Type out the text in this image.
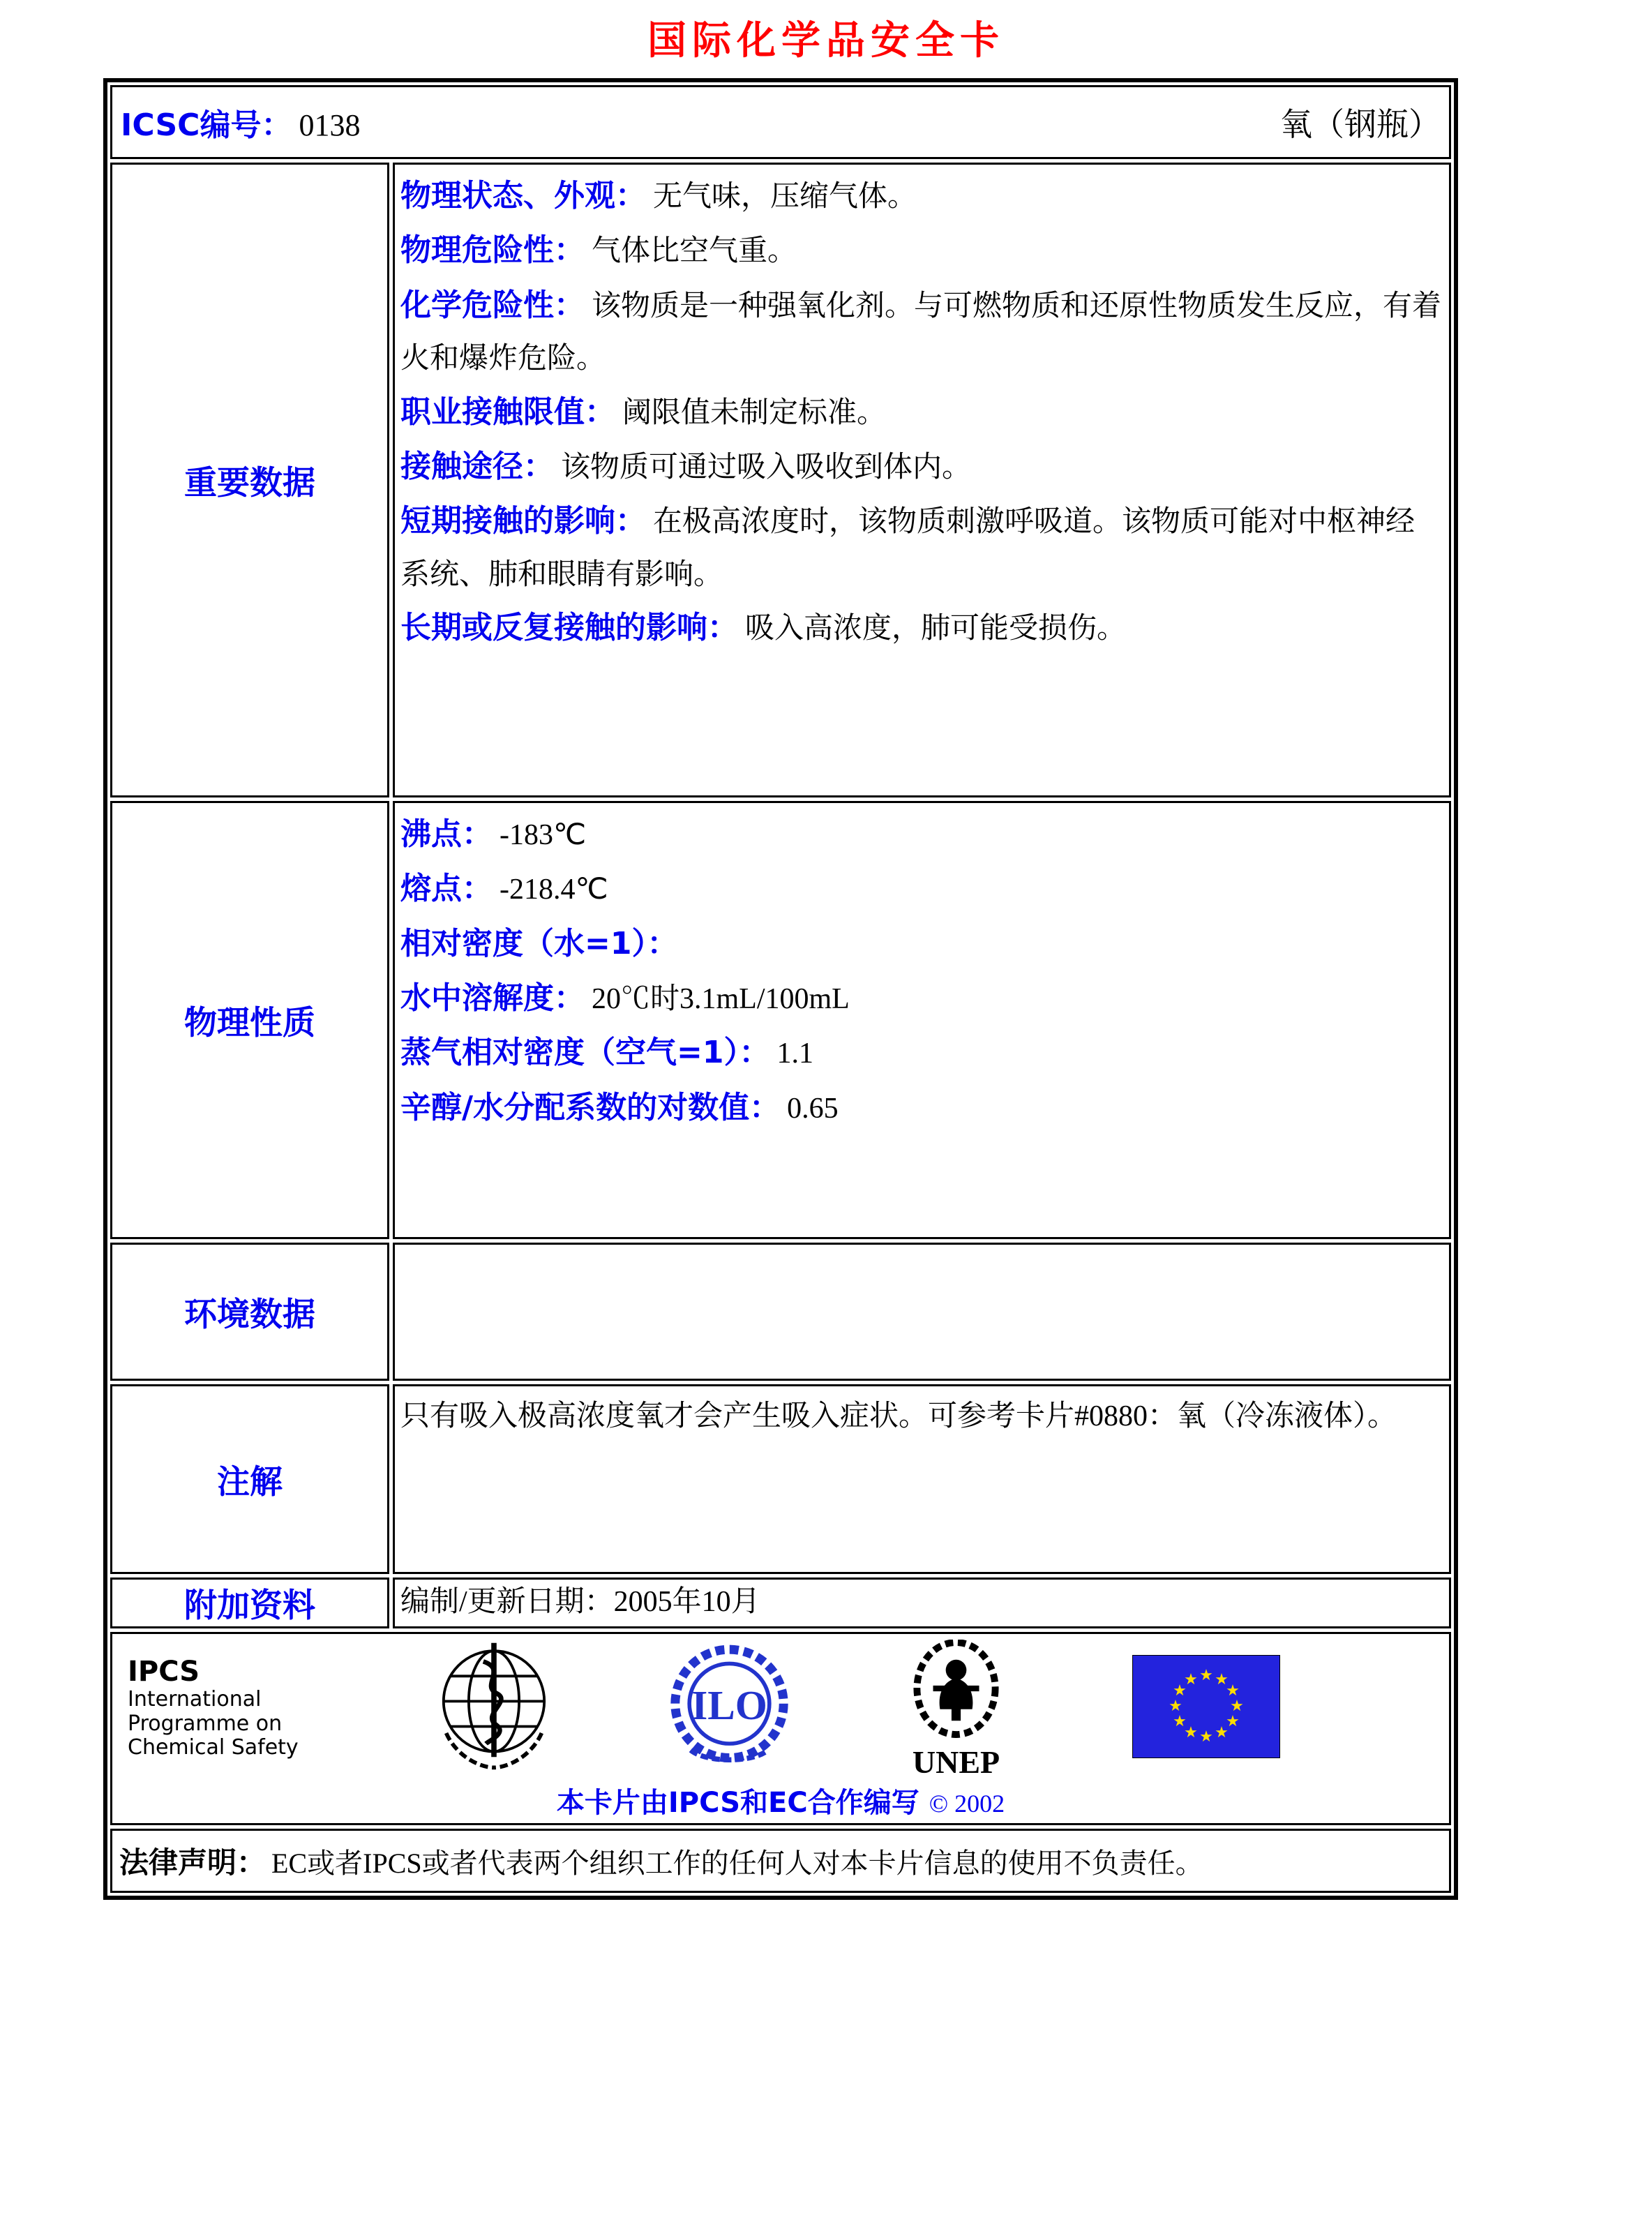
国际化学品安全卡
ICSC编号： 0138	氧（钢瓶）
重要数据
物理状态、外观： 无气味，压缩气体。
物理危险性： 气体比空气重。
化学危险性： 该物质是一种强氧化剂。与可燃物质和还原性物质发生反应，有着火和爆炸危险。
职业接触限值： 阈限值未制定标准。
接触途径： 该物质可通过吸入吸收到体内。
短期接触的影响： 在极高浓度时，该物质刺激呼吸道。该物质可能对中枢神经系统、肺和眼睛有影响。
长期或反复接触的影响： 吸入高浓度，肺可能受损伤。
物理性质
沸点： -183℃
熔点： -218.4℃
相对密度（水=1）：
水中溶解度： 20℃时3.1mL/100mL
蒸气相对密度（空气=1）： 1.1
辛醇/水分配系数的对数值： 0.65
环境数据
注解
只有吸入极高浓度氧才会产生吸入症状。可参考卡片#0880：氧（冷冻液体）。
附加资料	编制/更新日期：2005年10月
IPCS
International
Programme on
Chemical Safety
ILO
UNEP
★ ★
★
★
★
★
★
★
★
★
★
★
本卡片由IPCS和EC合作编写 © 2002
法律声明： EC或者IPCS或者代表两个组织工作的任何人对本卡片信息的使用不负责任。
